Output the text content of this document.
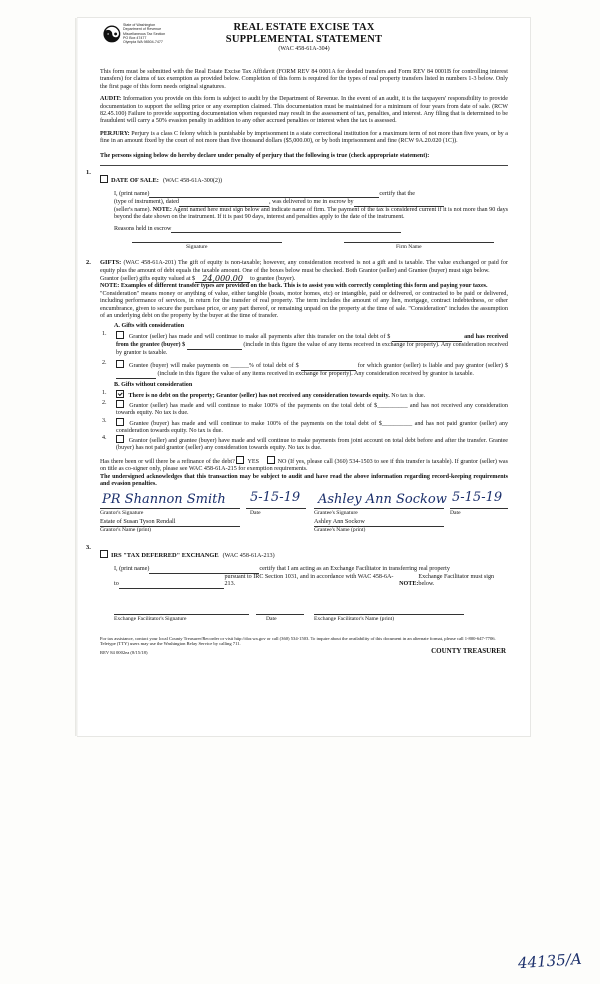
☯ State of Washington
Department of Revenue
Miscellaneous Tax Section
PO Box 47477
Olympia WA 98504-7477
REAL ESTATE EXCISE TAX
SUPPLEMENTAL STATEMENT
(WAC 458-61A-304)
This form must be submitted with the Real Estate Excise Tax Affidavit (FORM REV 84 0001A for deeded transfers and Form REV 84 0001B for controlling interest transfers) for claims of tax exemption as provided below. Completion of this form is required for the types of real property transfers listed in numbers 1-3 below. Only the first page of this form needs original signatures.
AUDIT: Information you provide on this form is subject to audit by the Department of Revenue. In the event of an audit, it is the taxpayers' responsibility to provide documentation to support the selling price or any exemption claimed. This documentation must be maintained for a minimum of four years from date of sale. (RCW 82.45.100) Failure to provide supporting documentation when requested may result in the assessment of tax, penalties, and interest. Any filing that is determined to be fraudulent will carry a 50% evasion penalty in addition to any other accrued penalties or interest when the tax is assessed.
PERJURY: Perjury is a class C felony which is punishable by imprisonment in a state correctional institution for a maximum term of not more than five years, or by a fine in an amount fixed by the court of not more than five thousand dollars ($5,000.00), or by both imprisonment and fine (RCW 9A.20.020 (1C)).
The persons signing below do hereby declare under penalty of perjury that the following is true (check appropriate statement):
1.
DATE OF SALE: (WAC 458-61A-300(2))
I, (print name)
	certify that the
(type of instrument), dated
	, was delivered to me in escrow by

(seller's name). NOTE: Agent named here must sign below and indicate name of firm. The payment of the tax is considered current if it is not more than 90 days beyond the date shown on the instrument. If it is past 90 days, interest and penalties apply to the date of the instrument.
Reasons held in escrow

Signature	Firm Name
2. GIFTS: (WAC 458-61A-201) The gift of equity is non-taxable; however, any consideration received is not a gift and is taxable. The value exchanged or paid for equity plus the amount of debt equals the taxable amount. One of the boxes below must be checked. Both Grantor (seller) and Grantee (buyer) must sign below.
Grantor (seller) gifts equity valued at $ 24,000.00	to grantee (buyer).
NOTE: Examples of different transfer types are provided on the back. This is to assist you with correctly completing this form and paying your taxes.
"Consideration" means money or anything of value, either tangible (boats, motor homes, etc) or intangible, paid or delivered, or contracted to be paid or delivered, including performance of services, in return for the transfer of real property. The term includes the amount of any lien, mortgage, contract indebtedness, or other encumbrance, given to secure the purchase price, or any part thereof, or remaining unpaid on the property at the time of sale. "Consideration" includes the assumption of an underlying debt on the property by the buyer at the time of transfer.
A. Gifts with consideration
1.	Grantor (seller) has made and will continue to make all payments after this transfer on the total debt of $	and has received from the grantee (buyer) $	(include in this figure the value of any items received in exchange for property). Any consideration received by grantor is taxable.
2.	Grantee (buyer) will make payments on ______% of total debt of $	for which grantor (seller) is liable and pay grantor (seller) $   (include in this figure the value of any items received in exchange for property). Any consideration received by grantor is taxable.
B. Gifts without consideration
1.	There is no debt on the property; Grantor (seller) has not received any consideration towards equity. No tax is due.
2.	Grantor (seller) has made and will continue to make 100% of the payments on the total debt of $__________ and has not received any consideration towards equity. No tax is due.
3.	Grantee (buyer) has made and will continue to make 100% of the payments on the total debt of $__________ and has not paid grantor (seller) any consideration towards equity. No tax is due.
4.	Grantor (seller) and grantee (buyer) have made and will continue to make payments from joint account on total debt before and after the transfer. Grantee (buyer) has not paid grantor (seller) any consideration towards equity. No tax is due.
Has there been or will there be a refinance of the debt? YES	NO (If yes, please call (360) 534-1503 to see if this transfer is taxable). If grantor (seller) was on title as co-signer only, please see WAC 458-61A-215 for exemption requirements.
The undersigned acknowledges that this transaction may be subject to audit and have read the above information regarding record-keeping requirements and evasion penalties.
PR Shannon Smith 5-15-19 Ashley Ann Sockow 5-15-19
Grantor's Signature	Date	Grantee's Signature	Date
Estate of Susan Tyson Rendall	Ashley Ann Sockow
Grantor's Name (print)	Grantee's Name (print)
3.
IRS "TAX DEFERRED" EXCHANGE (WAC 458-61A-213)
I, (print name)
	certify that I am acting as an Exchange Facilitator in transferring real property
to

pursuant to IRC Section 1031, and in accordance with WAC 458-6A-213.	NOTE:
Exchange Facilitator must sign below.
Exchange Facilitator's Signature	Date	Exchange Facilitator's Name (print)
For tax assistance, contact your local County Treasurer/Recorder or visit http://dor.wa.gov or call (360) 534-1503. To inquire about the availability of this document in an alternate format, please call 1-800-647-7706. Teletype (TTY) users may use the Washington Relay Service by calling 711.
REV 84 0002ea (8/15/18)	COUNTY TREASURER
44135/A
